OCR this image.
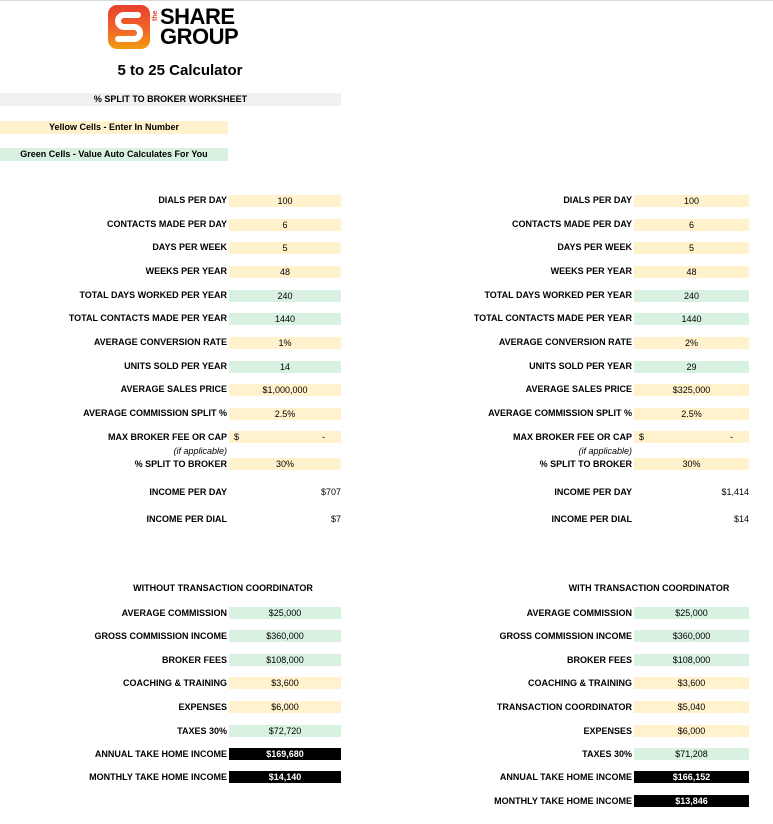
the SHARE
GROUP
5 to 25 Calculator
% SPLIT TO BROKER WORKSHEET
Yellow Cells - Enter In Number
Green Cells - Value Auto Calculates For You
DIALS PER DAY	100
CONTACTS MADE PER DAY	6
DAYS PER WEEK	5
WEEKS PER YEAR	48
TOTAL DAYS WORKED PER YEAR	240
TOTAL CONTACTS MADE PER YEAR	1440
AVERAGE CONVERSION RATE	1%
UNITS SOLD PER YEAR	14
AVERAGE SALES PRICE	$1,000,000
AVERAGE COMMISSION SPLIT %	2.5%
MAX BROKER FEE OR CAP $	-
(if applicable)
% SPLIT TO BROKER	30%
INCOME PER DAY	$707
INCOME PER DIAL	$7
WITHOUT TRANSACTION COORDINATOR
AVERAGE COMMISSION	$25,000
GROSS COMMISSION INCOME	$360,000
BROKER FEES	$108,000
COACHING & TRAINING	$3,600
EXPENSES	$6,000
TAXES 30%	$72,720
ANNUAL TAKE HOME INCOME	$169,680
MONTHLY TAKE HOME INCOME	$14,140
DIALS PER DAY	100
CONTACTS MADE PER DAY	6
DAYS PER WEEK	5
WEEKS PER YEAR	48
TOTAL DAYS WORKED PER YEAR	240
TOTAL CONTACTS MADE PER YEAR	1440
AVERAGE CONVERSION RATE	2%
UNITS SOLD PER YEAR	29
AVERAGE SALES PRICE	$325,000
AVERAGE COMMISSION SPLIT %	2.5%
MAX BROKER FEE OR CAP $	-
(if applicable)
% SPLIT TO BROKER	30%
INCOME PER DAY	$1,414
INCOME PER DIAL	$14
WITH TRANSACTION COORDINATOR
AVERAGE COMMISSION	$25,000
GROSS COMMISSION INCOME	$360,000
BROKER FEES	$108,000
COACHING & TRAINING	$3,600
TRANSACTION COORDINATOR	$5,040
EXPENSES	$6,000
TAXES 30%	$71,208
ANNUAL TAKE HOME INCOME	$166,152
MONTHLY TAKE HOME INCOME	$13,846
